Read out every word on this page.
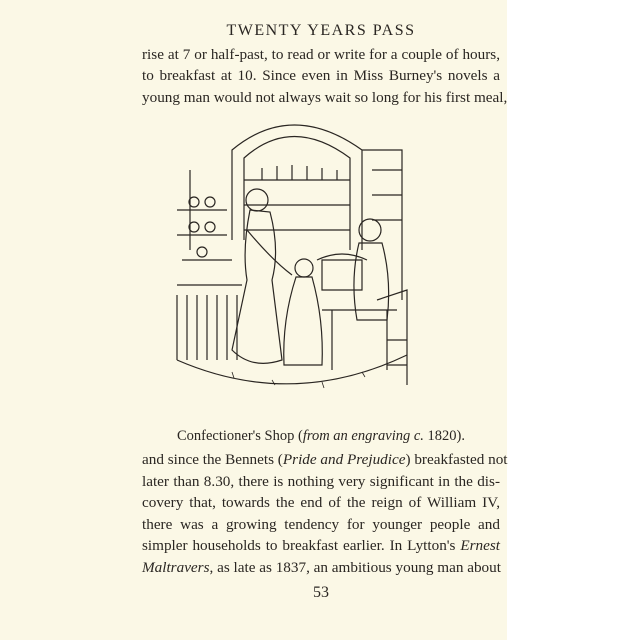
TWENTY YEARS PASS
rise at 7 or half-past, to read or write for a couple of hours,
to breakfast at 10. Since even in Miss Burney's novels a
young man would not always wait so long for his first meal,
Confectioner's Shop (from an engraving c. 1820).
and since the Bennets (Pride and Prejudice) breakfasted not
later than 8.30, there is nothing very significant in the dis-
covery that, towards the end of the reign of William IV,
there was a growing tendency for younger people and
simpler households to breakfast earlier. In Lytton's Ernest
Maltravers, as late as 1837, an ambitious young man about
53
